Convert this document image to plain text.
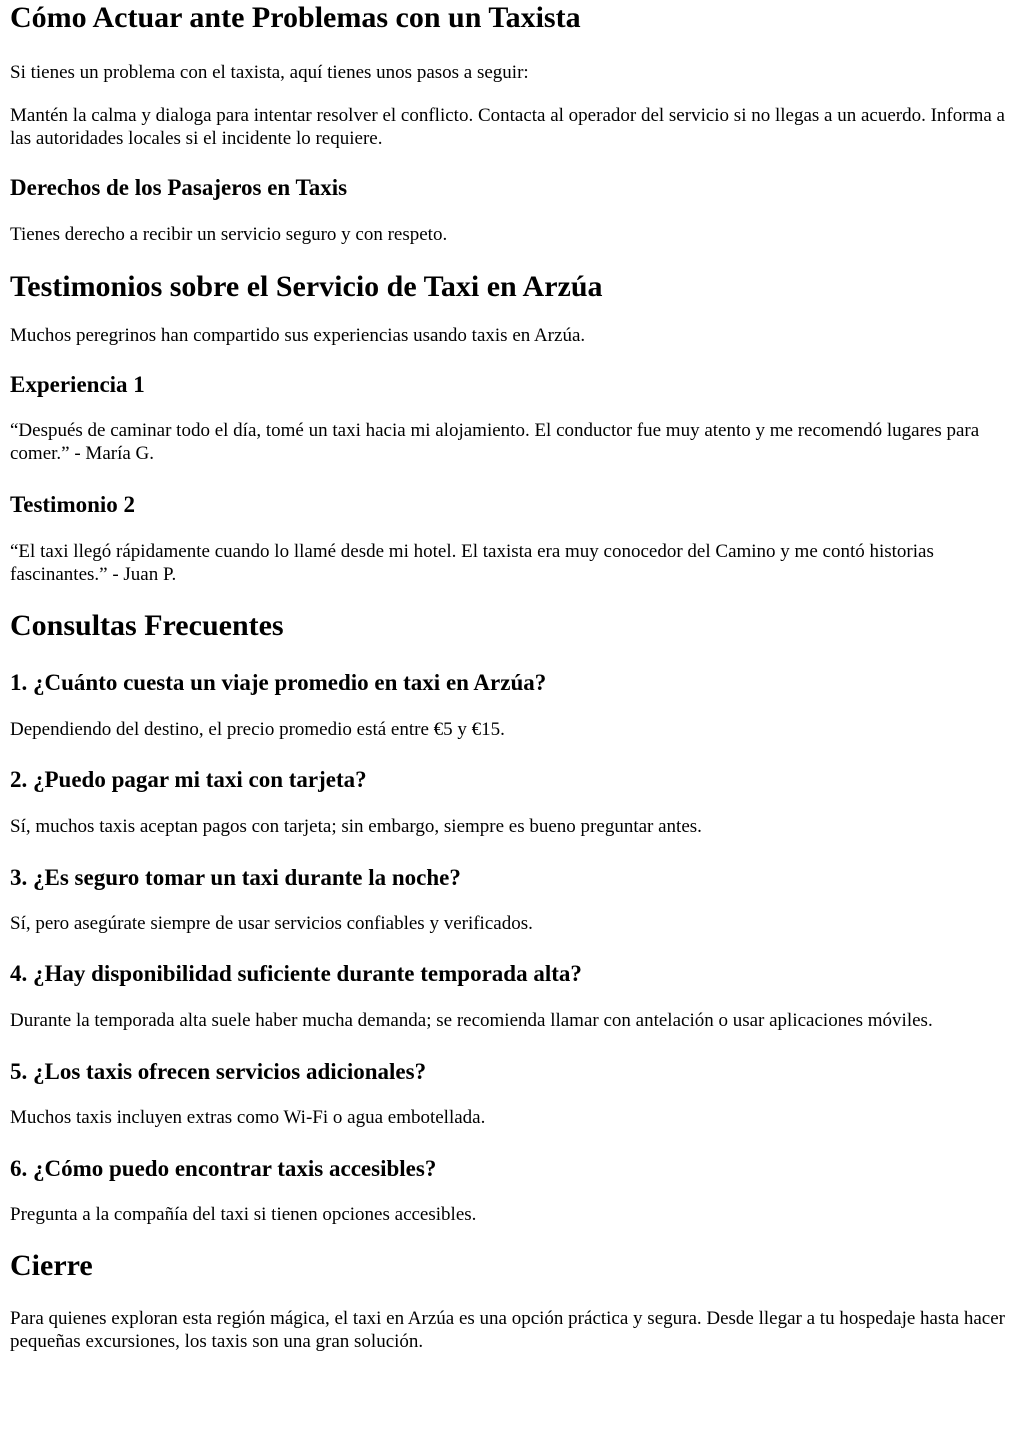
Cómo Actuar ante Problemas con un Taxista

Si tienes un problema con el taxista, aquí tienes unos pasos a seguir:

Mantén la calma y dialoga para intentar resolver el conflicto. Contacta al operador del servicio si no llegas a un acuerdo. Informa a las autoridades locales si el incidente lo requiere.

Derechos de los Pasajeros en Taxis

Tienes derecho a recibir un servicio seguro y con respeto.

Testimonios sobre el Servicio de Taxi en Arzúa

Muchos peregrinos han compartido sus experiencias usando taxis en Arzúa.

Experiencia 1

“Después de caminar todo el día, tomé un taxi hacia mi alojamiento. El conductor fue muy atento y me recomendó lugares para comer.” - María G.

Testimonio 2

“El taxi llegó rápidamente cuando lo llamé desde mi hotel. El taxista era muy conocedor del Camino y me contó historias fascinantes.” - Juan P.

Consultas Frecuentes
1. ¿Cuánto cuesta un viaje promedio en taxi en Arzúa?

Dependiendo del destino, el precio promedio está entre €5 y €15.

2. ¿Puedo pagar mi taxi con tarjeta?

Sí, muchos taxis aceptan pagos con tarjeta; sin embargo, siempre es bueno preguntar antes.

3. ¿Es seguro tomar un taxi durante la noche?

Sí, pero asegúrate siempre de usar servicios confiables y verificados.

4. ¿Hay disponibilidad suficiente durante temporada alta?

Durante la temporada alta suele haber mucha demanda; se recomienda llamar con antelación o usar aplicaciones móviles.

5. ¿Los taxis ofrecen servicios adicionales?

Muchos taxis incluyen extras como Wi-Fi o agua embotellada.

6. ¿Cómo puedo encontrar taxis accesibles?

Pregunta a la compañía del taxi si tienen opciones accesibles.

Cierre

Para quienes exploran esta región mágica, el taxi en Arzúa es una opción práctica y segura. Desde llegar a tu hospedaje hasta hacer pequeñas excursiones, los taxis son una gran solución.
